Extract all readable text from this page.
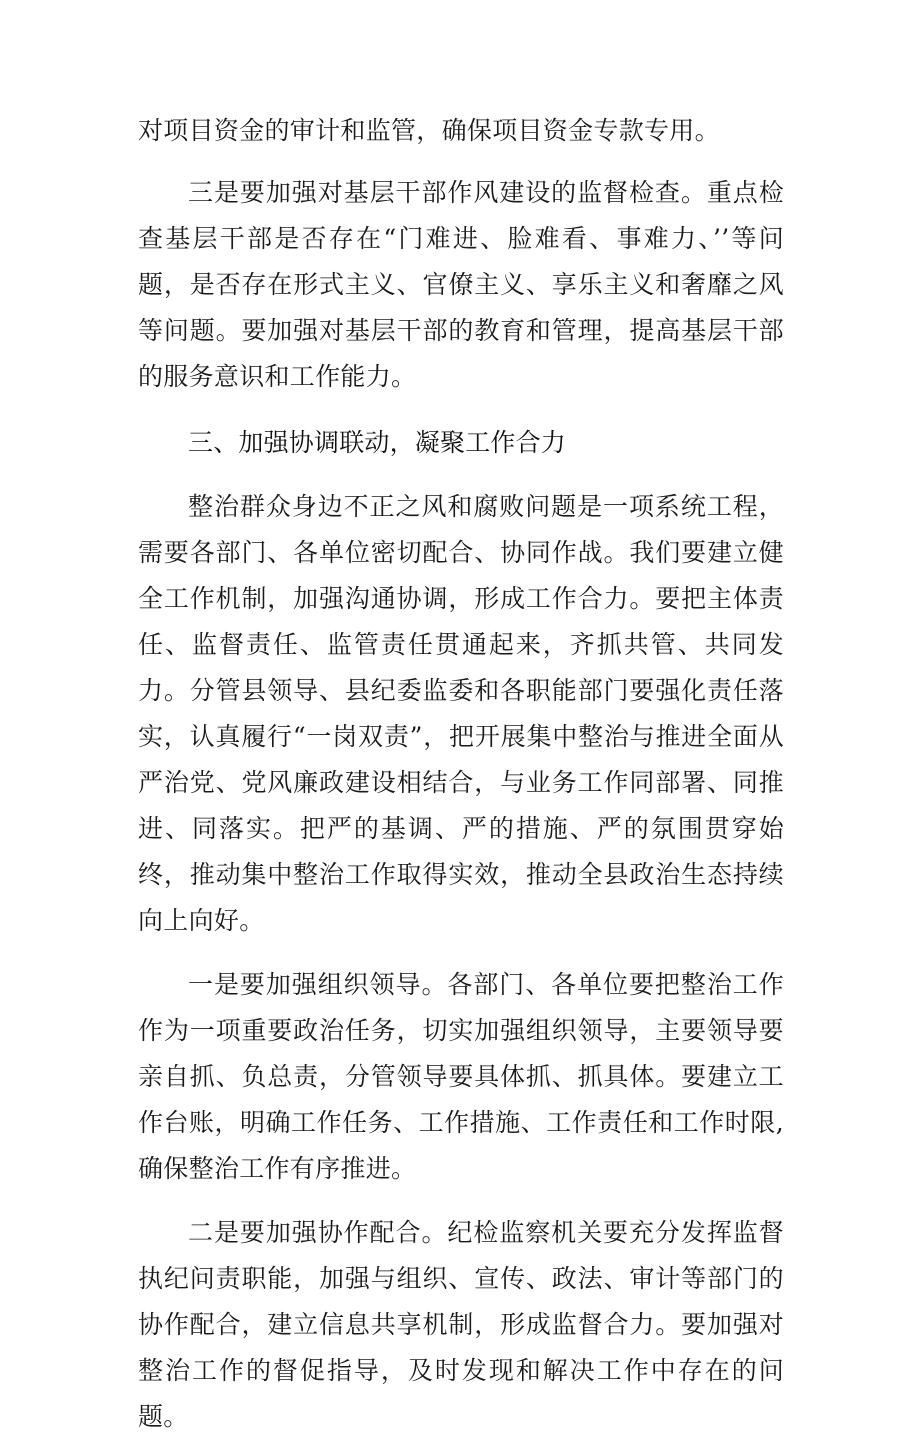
对项目资金的审计和监管，确保项目资金专款专用。

三是要加强对基层干部作风建设的监督检查。重点检查基层干部是否存在“门难进、脸难看、事难力、’’等问题，是否存在形式主义、官僚主义、享乐主义和奢靡之风等问题。要加强对基层干部的教育和管理，提高基层干部的服务意识和工作能力。

三、加强协调联动，凝聚工作合力

整治群众身边不正之风和腐败问题是一项系统工程，需要各部门、各单位密切配合、协同作战。我们要建立健全工作机制，加强沟通协调，形成工作合力。要把主体责任、监督责任、监管责任贯通起来，齐抓共管、共同发力。分管县领导、县纪委监委和各职能部门要强化责任落实，认真履行“一岗双责”，把开展集中整治与推进全面从严治党、党风廉政建设相结合，与业务工作同部署、同推进、同落实。把严的基调、严的措施、严的氛围贯穿始终，推动集中整治工作取得实效，推动全县政治生态持续向上向好。

一是要加强组织领导。各部门、各单位要把整治工作作为一项重要政治任务，切实加强组织领导，主要领导要亲自抓、负总责，分管领导要具体抓、抓具体。要建立工作台账，明确工作任务、工作措施、工作责任和工作时限,确保整治工作有序推进。

二是要加强协作配合。纪检监察机关要充分发挥监督执纪问责职能，加强与组织、宣传、政法、审计等部门的协作配合，建立信息共享机制，形成监督合力。要加强对整治工作的督促指导，及时发现和解决工作中存在的问题。
